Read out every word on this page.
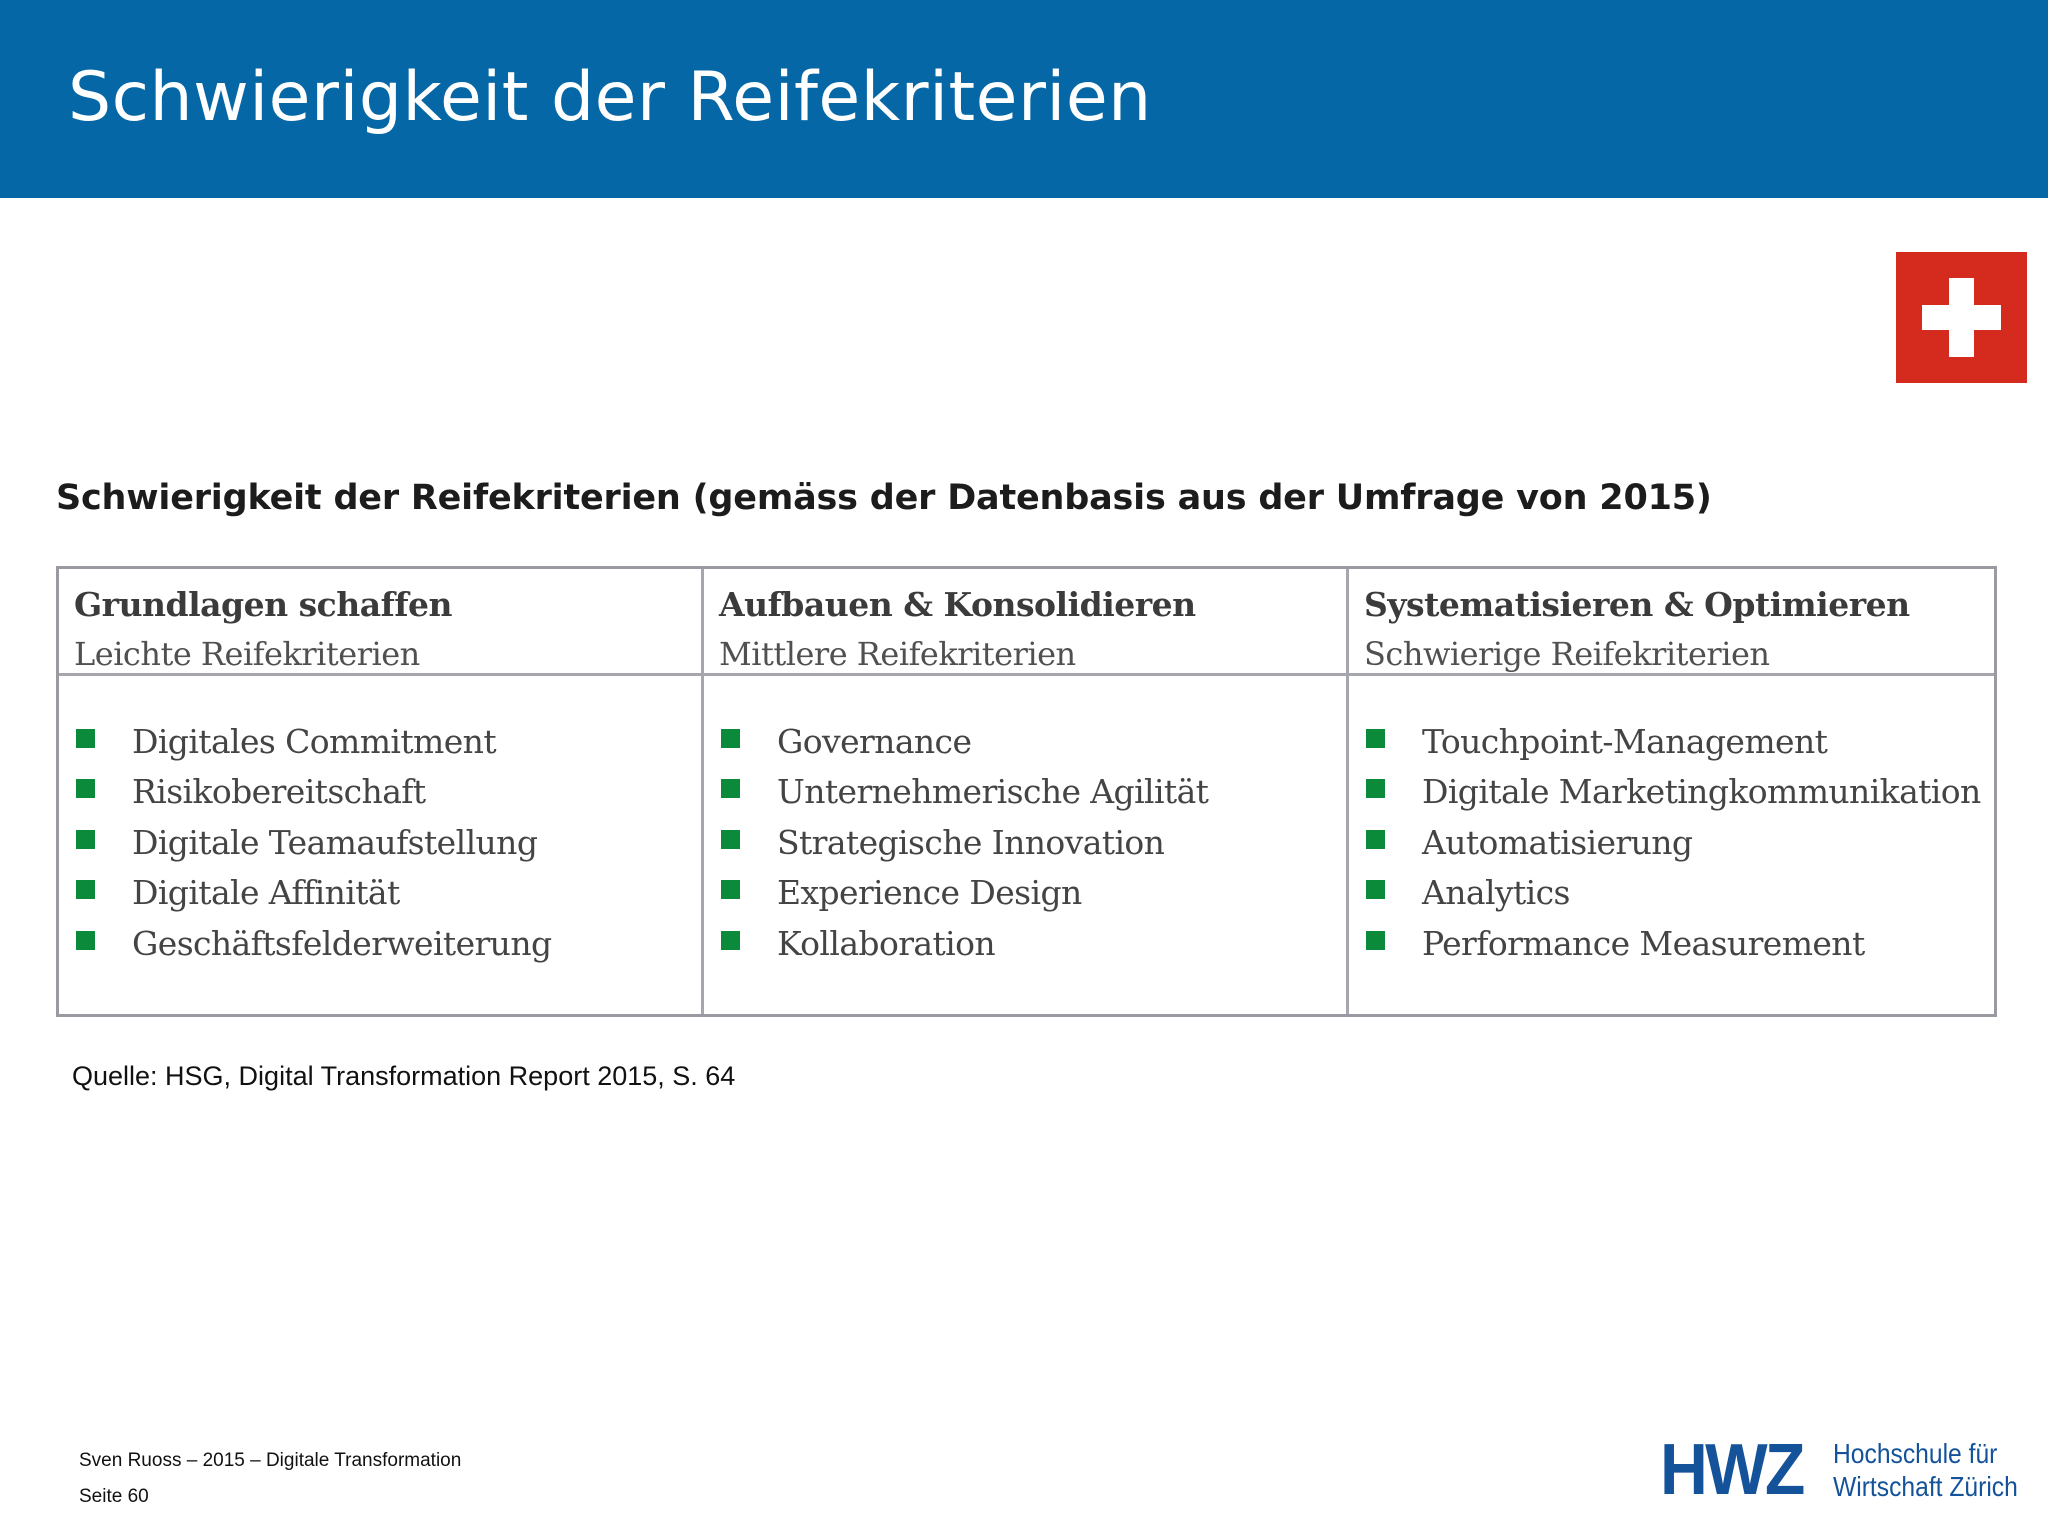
Schwierigkeit der Reifekriterien
Schwierigkeit der Reifekriterien (gemäss der Datenbasis aus der Umfrage von 2015)
Grundlagen schaffen
Leichte Reifekriterien
Aufbauen & Konsolidieren
Mittlere Reifekriterien
Systematisieren & Optimieren
Schwierige Reifekriterien
Digitales Commitment
Risikobereitschaft
Digitale Teamaufstellung
Digitale Affinität
Geschäftsfelderweiterung
Governance
Unternehmerische Agilität
Strategische Innovation
Experience Design
Kollaboration
Touchpoint-Management
Digitale Marketingkommunikation
Automatisierung
Analytics
Performance Measurement

Quelle: HSG, Digital Transformation Report 2015, S. 64

Sven Ruoss – 2015 – Digitale Transformation
Seite 60	HWZ Hochschule für
Wirtschaft Zürich
